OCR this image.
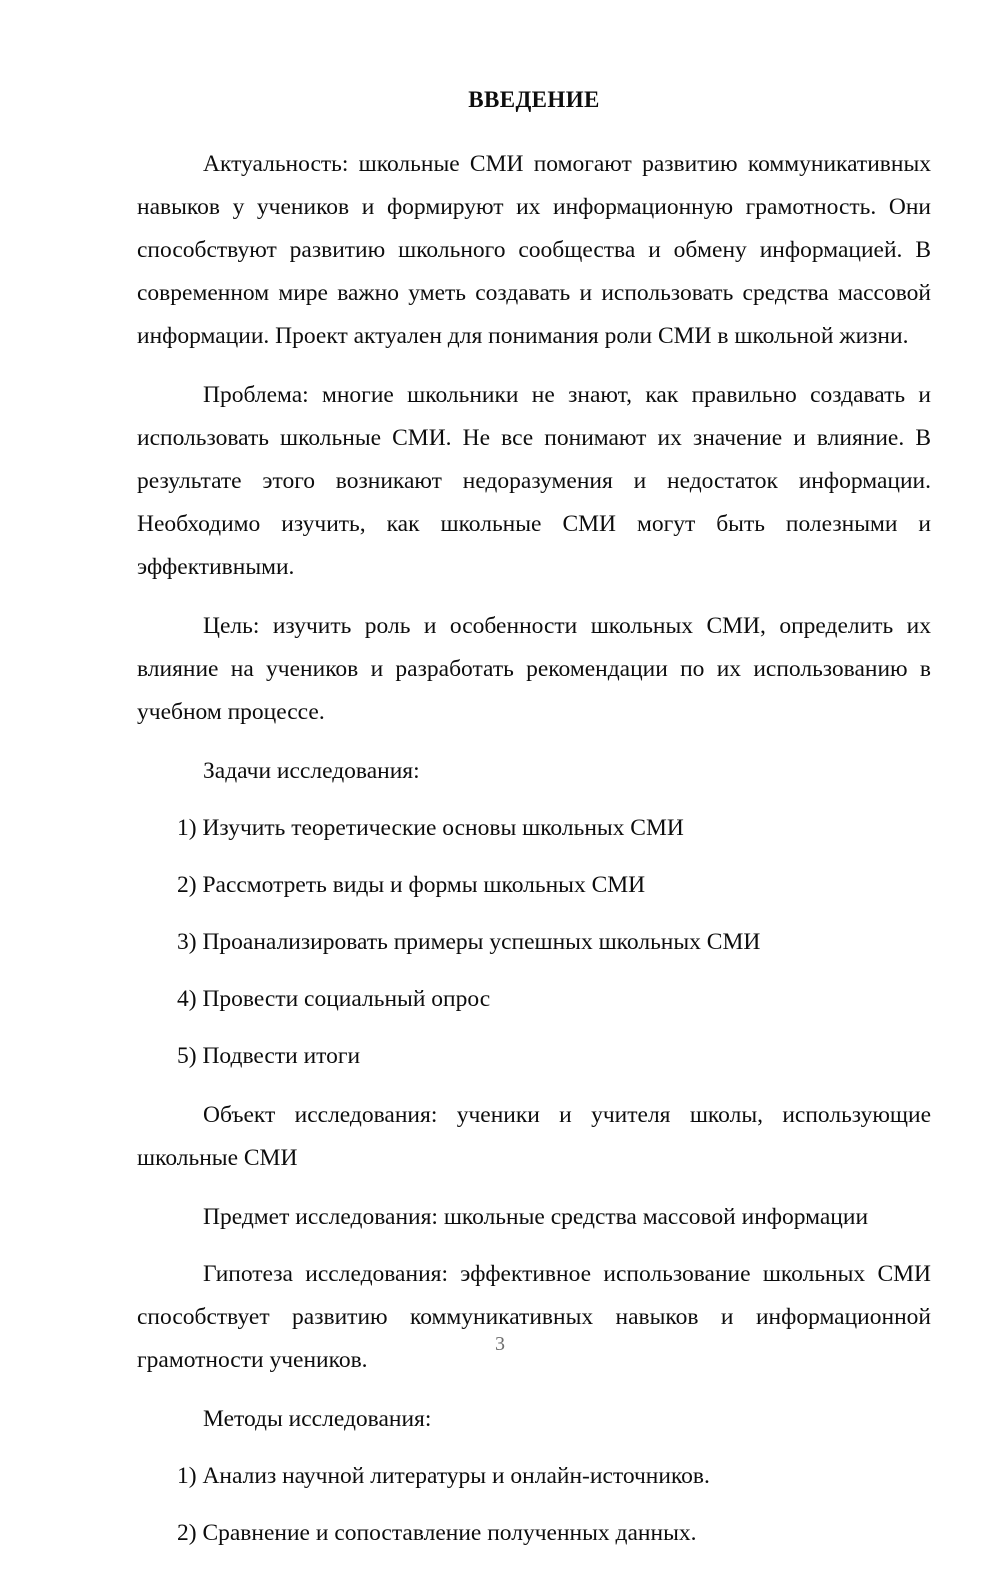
ВВЕДЕНИЕ

Актуальность: школьные СМИ помогают развитию коммуникативных навыков у учеников и формируют их информационную грамотность. Они способствуют развитию школьного сообщества и обмену информацией. В современном мире важно уметь создавать и использовать средства массовой информации. Проект актуален для понимания роли СМИ в школьной жизни.

Проблема: многие школьники не знают, как правильно создавать и использовать школьные СМИ. Не все понимают их значение и влияние. В результате этого возникают недоразумения и недостаток информации. Необходимо изучить, как школьные СМИ могут быть полезными и эффективными.

Цель: изучить роль и особенности школьных СМИ, определить их влияние на учеников и разработать рекомендации по их использованию в учебном процессе.

Задачи исследования:

1) Изучить теоретические основы школьных СМИ

2) Рассмотреть виды и формы школьных СМИ

3) Проанализировать примеры успешных школьных СМИ

4) Провести социальный опрос

5) Подвести итоги

Объект исследования: ученики и учителя школы, использующие школьные СМИ

Предмет исследования: школьные средства массовой информации

Гипотеза исследования: эффективное использование школьных СМИ способствует развитию коммуникативных навыков и информационной грамотности учеников.

Методы исследования:

1) Анализ научной литературы и онлайн-источников.

2) Сравнение и сопоставление полученных данных.

3
